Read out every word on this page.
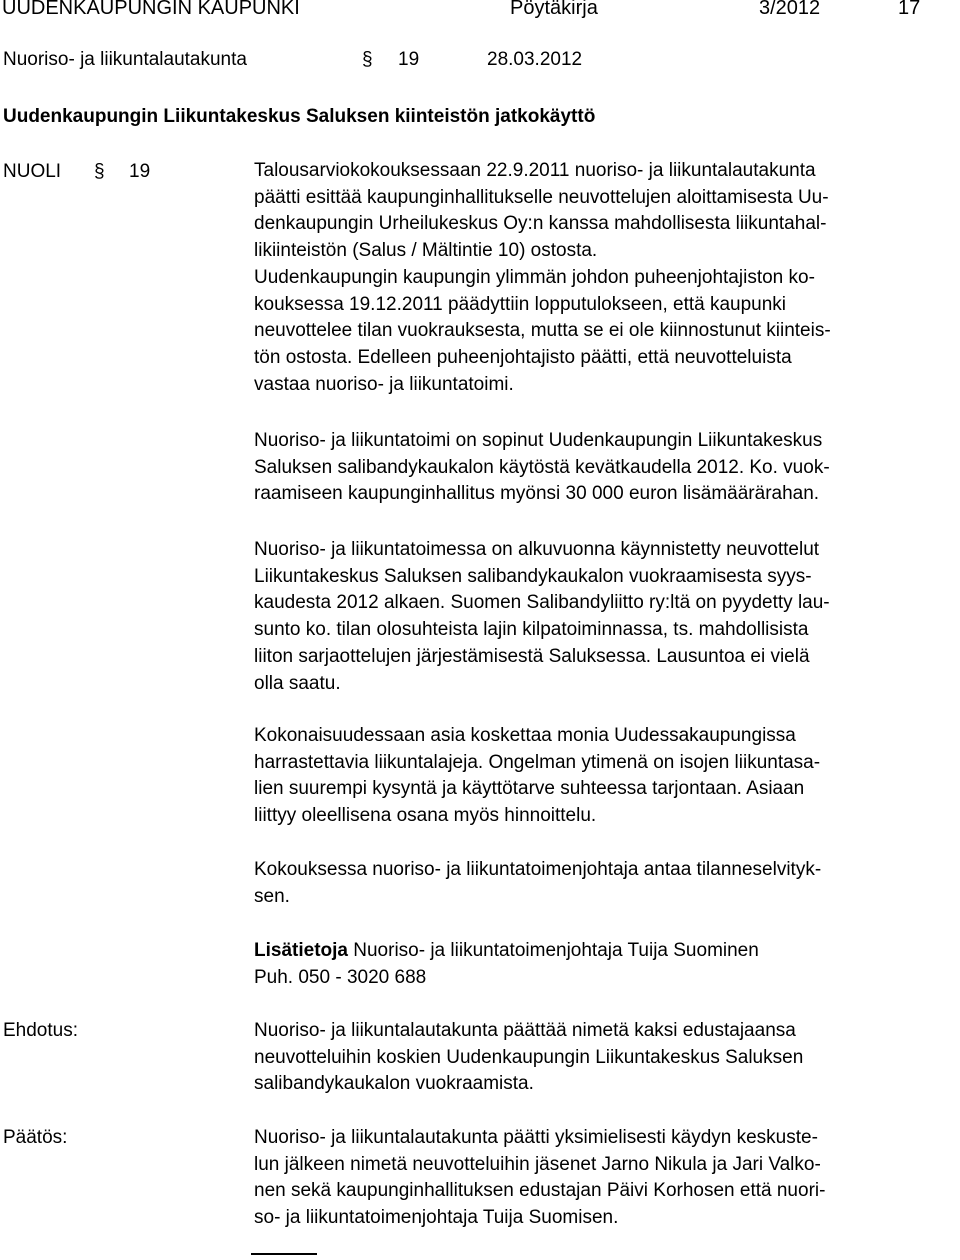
UUDENKAUPUNGIN KAUPUNKI	Pöytäkirja	3/2012	17
Nuoriso- ja liikuntalautakunta	§ 19	28.03.2012
Uudenkaupungin Liikuntakeskus Saluksen kiinteistön jatkokäyttö
NUOLI § 19	Talousarviokokouksessaan 22.9.2011 nuoriso- ja liikuntalautakunta
päätti esittää kaupunginhallitukselle neuvottelujen aloittamisesta Uu-
denkaupungin Urheilukeskus Oy:n kanssa mahdollisesta liikuntahal-
likiinteistön (Salus / Mältintie 10) ostosta.
Uudenkaupungin kaupungin ylimmän johdon puheenjohtajiston ko-
kouksessa 19.12.2011 päädyttiin lopputulokseen, että kaupunki
neuvottelee tilan vuokrauksesta, mutta se ei ole kiinnostunut kiinteis-
tön ostosta. Edelleen puheenjohtajisto päätti, että neuvotteluista
vastaa nuoriso- ja liikuntatoimi.
Nuoriso- ja liikuntatoimi on sopinut Uudenkaupungin Liikuntakeskus
Saluksen salibandykaukalon käytöstä kevätkaudella 2012. Ko. vuok-
raamiseen kaupunginhallitus myönsi 30 000 euron lisämäärärahan.
Nuoriso- ja liikuntatoimessa on alkuvuonna käynnistetty neuvottelut
Liikuntakeskus Saluksen salibandykaukalon vuokraamisesta syys-
kaudesta 2012 alkaen. Suomen Salibandyliitto ry:ltä on pyydetty lau-
sunto ko. tilan olosuhteista lajin kilpatoiminnassa, ts. mahdollisista
liiton sarjaottelujen järjestämisestä Saluksessa. Lausuntoa ei vielä
olla saatu.
Kokonaisuudessaan asia koskettaa monia Uudessakaupungissa
harrastettavia liikuntalajeja. Ongelman ytimenä on isojen liikuntasa-
lien suurempi kysyntä ja käyttötarve suhteessa tarjontaan. Asiaan
liittyy oleellisena osana myös hinnoittelu.
Kokouksessa nuoriso- ja liikuntatoimenjohtaja antaa tilanneselvityk-
sen.
Lisätietoja Nuoriso- ja liikuntatoimenjohtaja Tuija Suominen
Puh. 050 - 3020 688
Ehdotus:	Nuoriso- ja liikuntalautakunta päättää nimetä kaksi edustajaansa
neuvotteluihin koskien Uudenkaupungin Liikuntakeskus Saluksen
salibandykaukalon vuokraamista.
Päätös:	Nuoriso- ja liikuntalautakunta päätti yksimielisesti käydyn keskuste-
lun jälkeen nimetä neuvotteluihin jäsenet Jarno Nikula ja Jari Valko-
nen sekä kaupunginhallituksen edustajan Päivi Korhosen että nuori-
so- ja liikuntatoimenjohtaja Tuija Suomisen.
